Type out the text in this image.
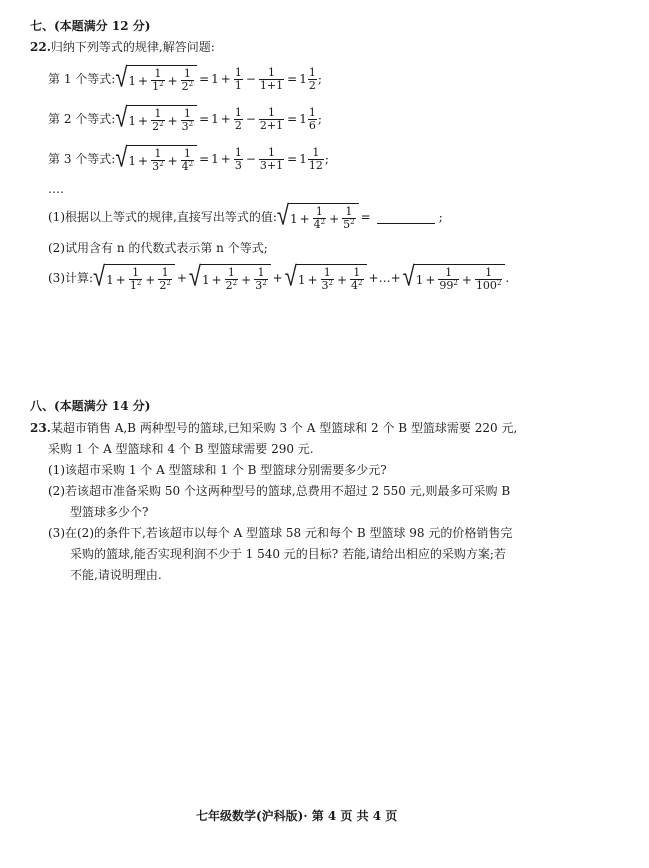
七、(本题满分 12 分)
22.归纳下列等式的规律,解答问题:
第 1 个等式: √ $1 + \frac{1}{1^2} + \frac{1}{2^2} = 1 + \frac{1}{1} - \frac{1}{1+1} = 1 \frac{1}{2}$ ;
第 2 个等式: √ $1 + \frac{1}{2^2} + \frac{1}{3^2} = 1 + \frac{1}{2} - \frac{1}{2+1} = 1 \frac{1}{6}$ ;
第 3 个等式: √ $1 + \frac{1}{3^2} + \frac{1}{4^2} = 1 + \frac{1}{3} - \frac{1}{3+1} = 1 \frac{1}{12}$ ;
….
(1)根据以上等式的规律,直接写出等式的值: √ $1 + \frac{1}{4^2} + \frac{1}{5^2}$ =	;
(2)试用含有 n 的代数式表示第 n 个等式;
(3)计算: √ $1 + \frac{1}{1^2} + \frac{1}{2^2}$ + √ $1 + \frac{1}{2^2} + \frac{1}{3^2}$ + √ $1 + \frac{1}{3^2} + \frac{1}{4^2}$ +…+ √ $1 + \frac{1}{99^2} + \frac{1}{100^2}$ .
八、(本题满分 14 分)
23.某超市销售 A,B 两种型号的篮球,已知采购 3 个 A 型篮球和 2 个 B 型篮球需要 220 元,
采购 1 个 A 型篮球和 4 个 B 型篮球需要 290 元.
(1)该超市采购 1 个 A 型篮球和 1 个 B 型篮球分别需要多少元?
(2)若该超市准备采购 50 个这两种型号的篮球,总费用不超过 2 550 元,则最多可采购 B
型篮球多少个?
(3)在(2)的条件下,若该超市以每个 A 型篮球 58 元和每个 B 型篮球 98 元的价格销售完
采购的篮球,能否实现利润不少于 1 540 元的目标? 若能,请给出相应的采购方案;若
不能,请说明理由.
七年级数学(沪科版)· 第 4 页 共 4 页
